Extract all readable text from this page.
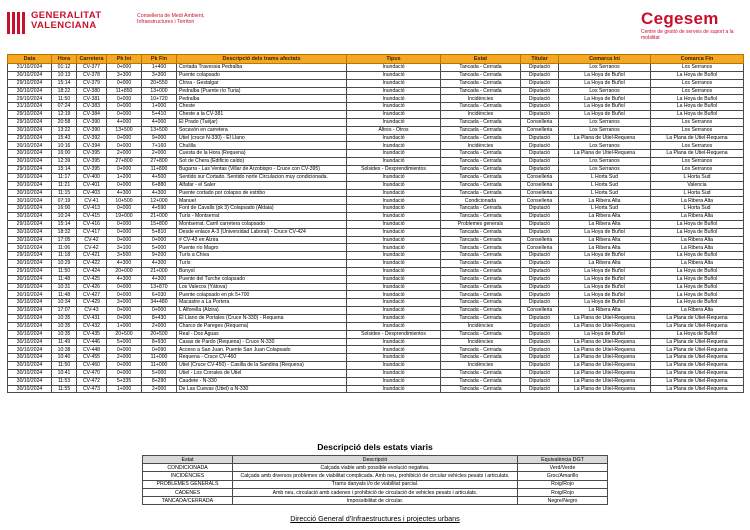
GENERALITAT
VALENCIANA
Conselleria de Medi Ambient,
Infraestructures i Territori	Cegesem
Centre de gestió de serveis de suport a la mobilitat
Data	Hora	Carretera	Pk Ini	Pk Fin	Descripció dels trams afectats	Tipus	Estat	Titular	Comarca Ini	Comarca Fin
31/10/2024	01:12	CV-377	0+000	1+400	Cortada Travessia Pedralba	Inundació	Tancada - Cerrada	Diputació	Los Serranos	Los Serranos
30/10/2024	10:13	CV-378	3+300	3+300	Puente colapsado	Inundació	Tancada - Cerrada	Diputació	La Hoya de Buñol	La Hoya de Buñol
29/10/2024	15:14	CV-379	0+000	20+550	Chiva - Gestalgar	Inundació	Tancada - Cerrada	Diputació	La Hoya de Buñol	Los Serranos
30/10/2024	18:22	CV-380	11+850	13+000	Pedralba (Puente río Turia)	Inundació	Tancada - Cerrada	Diputació	Los Serranos	Los Serranos
29/10/2024	11:50	CV-381	0+000	10+720	Pedralba	Inundació	Incidències	Diputació	La Hoya de Buñol	La Hoya de Buñol
31/10/2024	07:24	CV-383	0+000	1+000	Cheste	Inundació	Tancada - Cerrada	Diputació	La Hoya de Buñol	La Hoya de Buñol
29/10/2024	12:19	CV-384	0+000	5+410	Cheste a la CV-381	Inundació	Incidències	Diputació	La Hoya de Buñol	La Hoya de Buñol
29/10/2024	20:58	CV-390	4+000	4+000	El Prado (Tuéjar)	Inundació	Tancada - Cerrada	Conselleria	Los Serranos	Los Serranos
30/10/2024	13:22	CV-390	13+500	13+500	Socavón en carretera	Altres - Otros	Tancada - Cerrada	Conselleria	Los Serranos	Los Serranos
29/10/2024	15:43	CV-392	0+000	9+000	Utiel (cruce N-330) - El Llano	Inundació	Tancada - Cerrada	Diputació	La Plana de Utiel-Requena	La Plana de Utiel-Requena
30/10/2024	10:16	CV-394	0+000	7+160	Chulilla	Inundació	Incidències	Diputació	Los Serranos	Los Serranos
30/10/2024	16:00	CV-395	2+000	2+000	Cuesta de la Hora (Requena)	Inundació	Tancada - Cerrada	Diputació	La Plana de Utiel-Requena	La Plana de Utiel-Requena
30/10/2024	12:39	CV-395	27+800	27+800	Sot de Chera (Edificio caído)	Inundació	Tancada - Cerrada	Diputació	Los Serranos	Los Serranos
29/10/2024	15:14	CV-395	0+000	11+800	Bugarra - Las Ventas (Villar de Arzobispo - Cruce con CV-395)	Solsides - Desprendimientos	Tancada - Cerrada	Diputació	Los Serranos	Los Serranos
30/10/2024	11:17	CV-400	1+200	4+500	Sentido sur Cortado. Sentido norte Circulacion muy condicionada.	Inundació	Tancada - Cerrada	Conselleria	L Horta Sud	L Horta Sud
30/10/2024	11:21	CV-401	0+000	6+880	Alfafar - el Saler	Inundació	Tancada - Cerrada	Conselleria	L Horta Sud	Valencia
30/10/2024	11:15	CV-403	4+300	4+300	Puente cortado por colapso de estribo	Inundació	Tancada - Cerrada	Conselleria	L Horta Sud	L Horta Sud
30/10/2024	07:19	CV-41	10+500	12+000	Manuel	Inundació	Condicionada	Conselleria	La Ribera Alta	La Ribera Alta
30/10/2024	16:00	CV-413	0+000	4+590	Font de Cavalls (pk 3) Colapsado (Aldaia)	Inundació	Tancada - Cerrada	Diputació	L Horta Sud	L Horta Sud
30/10/2024	10:24	CV-415	19+000	21+000	Turís - Montserrat	Inundació	Tancada - Cerrada	Diputació	La Ribera Alta	La Ribera Alta
29/10/2024	15:14	CV-416	0+000	15+800	Montserrat. Carril carretera colapsado	Inundació	Problemes generals	Diputació	La Ribera Alta	La Hoya de Buñol
30/10/2024	18:32	CV-417	0+000	5+810	Desde enlace A-3 (Universidad Laboral) - Cruce CV-424	Inundació	Tancada - Cerrada	Diputació	La Hoya de Buñol	La Hoya de Buñol
30/10/2024	17:05	CV-42	0+000	0+000	# CV-43 en Alzira	Inundació	Tancada - Cerrada	Conselleria	La Ribera Alta	La Ribera Alta
30/10/2024	11:06	CV-42	3+100	5+000	Puente río Magro	Inundació	Tancada - Cerrada	Conselleria	La Ribera Alta	La Ribera Alta
29/10/2024	11:18	CV-421	3+500	9+200	Turís a Chiva	Inundació	Tancada - Cerrada	Diputació	La Hoya de Buñol	La Hoya de Buñol
30/10/2024	10:29	CV-422	4+300	4+300	Turís	Inundació	Tancada - Cerrada	Diputació	La Ribera Alta	La Ribera Alta
29/10/2024	11:50	CV-424	20+000	21+000	Bunyol	Inundació	Tancada - Cerrada	Diputació	La Hoya de Buñol	La Hoya de Buñol
30/10/2024	11:48	CV-425	4+300	4+300	Puente del Turche colapsado	Inundació	Tancada - Cerrada	Diputació	La Hoya de Buñol	La Hoya de Buñol
30/10/2024	10:31	CV-426	0+000	13+870	Los Valecos (Yátova)	Inundació	Tancada - Cerrada	Diputació	La Hoya de Buñol	La Hoya de Buñol
30/10/2024	11:48	CV-427	0+000	6+030	Puente colapsado en pk 5+700	Inundació	Tancada - Cerrada	Diputació	La Hoya de Buñol	La Hoya de Buñol
30/10/2024	10:34	CV-429	3+000	34+480	Macastre a La Portera	Inundació	Tancada - Cerrada	Diputació	La Hoya de Buñol	La Hoya de Buñol
30/10/2024	17:07	CV-43	0+000	0+000	L Alforella (Alzira)	Inundació	Tancada - Cerrada	Conselleria	La Ribera Alta	La Ribera Alta
30/10/2024	10:35	CV-431	0+000	8+430	El Llano de Portales (Cruce N-330) - Requena	Inundació	Tancada - Cerrada	Diputació	La Plana de Utiel-Requena	La Plana de Utiel-Requena
30/10/2024	10:35	CV-432	1+000	2+000	Charco de Pareges (Requena)	Inundació	Incidències	Diputació	La Plana de Utiel-Requena	La Plana de Utiel-Requena
30/10/2024	10:35	CV-435	20+500	20+500	Real - Dos Aguas	Solsides - Desprendimientos	Tancada - Cerrada	Diputació	La Hoya de Buñol	La Hoya de Buñol
30/10/2024	11:49	CV-446	5+000	8+930	Casas de Pardo (Requena) - Cruce N-330	Inundació	Incidències	Diputació	La Plana de Utiel-Requena	La Plana de Utiel-Requena
30/10/2024	10:38	CV-448	0+000	0+090	Acceso a San Juan. Puente San Juan Colapsado	Inundació	Tancada - Cerrada	Diputació	La Plana de Utiel-Requena	La Plana de Utiel-Requena
30/10/2024	10:40	CV-455	2+000	11+000	Requena - Cruce CV-460	Inundació	Tancada - Cerrada	Diputació	La Plana de Utiel-Requena	La Plana de Utiel-Requena
30/10/2024	11:50	CV-460	0+000	11+000	Utiel (Cruce CV-450) - Casilla de la Sandina (Requena)	Inundació	Incidències	Diputació	La Plana de Utiel-Requena	La Plana de Utiel-Requena
30/10/2024	10:41	CV-470	0+000	5+000	Utiel - Los Corrales de Utiel	Inundació	Tancada - Cerrada	Diputació	La Plana de Utiel-Requena	La Plana de Utiel-Requena
30/10/2024	11:53	CV-472	5+335	8+290	Caudete - N-330	Inundació	Tancada - Cerrada	Diputació	La Plana de Utiel-Requena	La Plana de Utiel-Requena
30/10/2024	11:55	CV-473	1+000	2+000	De Las Cuevas (Utiel) a N-330	Inundació	Tancada - Cerrada	Diputació	La Plana de Utiel-Requena	La Plana de Utiel-Requena
Descripció dels estats viaris
Estat	Descripció	Equivalència DGT
CONDICIONADA	Calçada viable amb possible evolució negativa.	Verd/Verde
INCIDÈNCIES	Calçada amb diversos problemes de viabilitat complicada. Amb neu, prohibició de circular vehicles pesats i articulats.	Groc/Amarillo
PROBLEMES GENERALS	Trams danyats i/o de viabilitat parcial.	Roig/Rojo
CADENES	Amb neu, circulació amb cadenes i prohibició de circulació de vehicles pesats i articulats.	Roig/Rojo
TANCADA/CERRADA	Impossibilitat de circular.	Negre/Negro
Direcció General d'Infraestructures i projectes urbans
